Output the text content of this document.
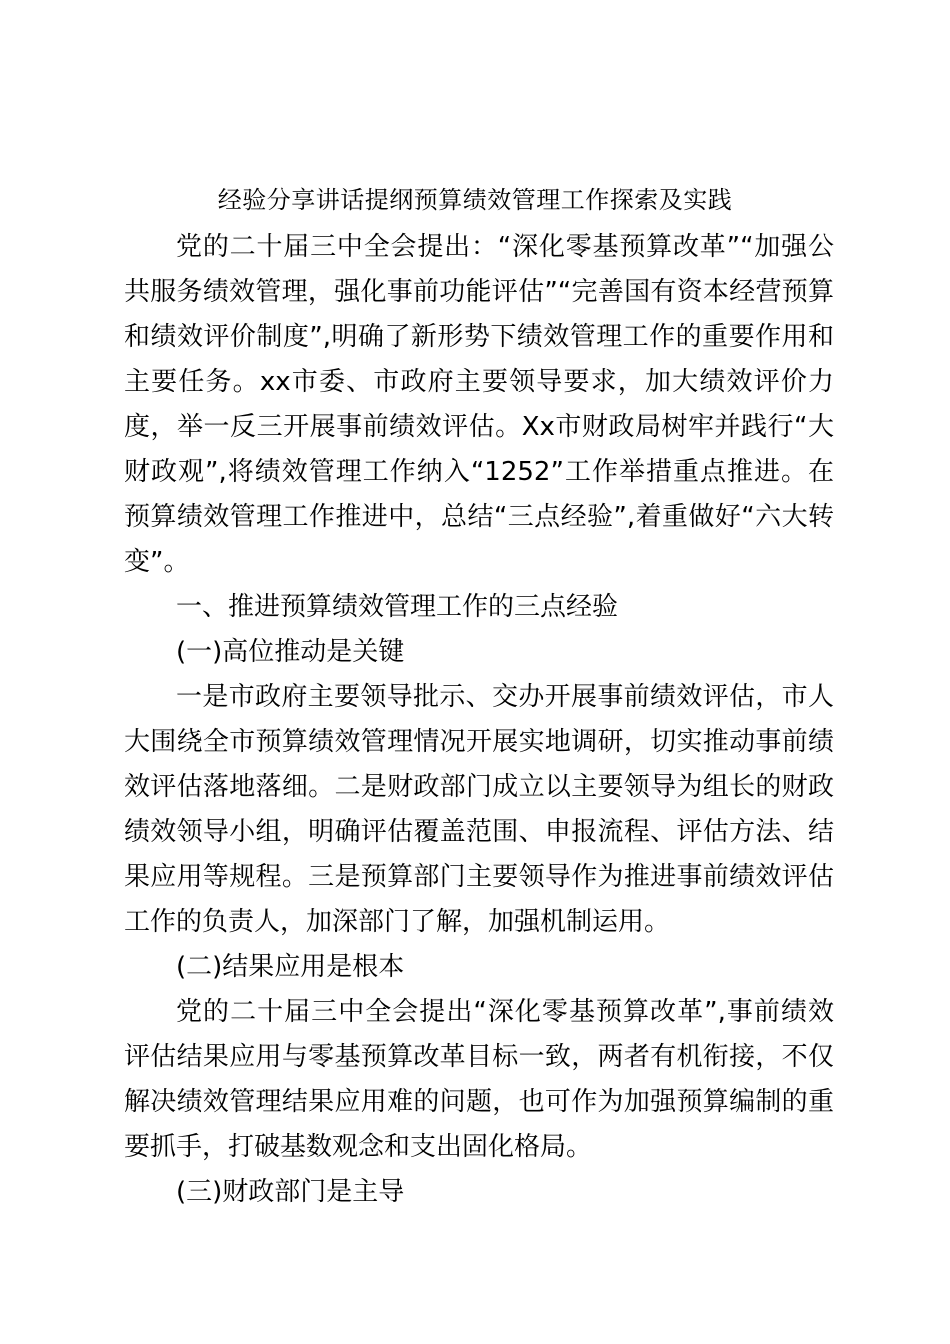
经验分享讲话提纲预算绩效管理工作探索及实践

党的二十届三中全会提出：“深化零基预算改革”“加强公共服务绩效管理，强化事前功能评估”“完善国有资本经营预算和绩效评价制度”,明确了新形势下绩效管理工作的重要作用和主要任务。xx市委、市政府主要领导要求，加大绩效评价力度，举一反三开展事前绩效评估。Xx市财政局树牢并践行“大财政观”,将绩效管理工作纳入“1252”工作举措重点推进。在预算绩效管理工作推进中，总结“三点经验”,着重做好“六大转变”。

一、推进预算绩效管理工作的三点经验

(一)高位推动是关键

一是市政府主要领导批示、交办开展事前绩效评估，市人大围绕全市预算绩效管理情况开展实地调研，切实推动事前绩效评估落地落细。二是财政部门成立以主要领导为组长的财政绩效领导小组，明确评估覆盖范围、申报流程、评估方法、结果应用等规程。三是预算部门主要领导作为推进事前绩效评估工作的负责人，加深部门了解，加强机制运用。

(二)结果应用是根本

党的二十届三中全会提出“深化零基预算改革”,事前绩效评估结果应用与零基预算改革目标一致，两者有机衔接，不仅解决绩效管理结果应用难的问题，也可作为加强预算编制的重要抓手，打破基数观念和支出固化格局。

(三)财政部门是主导
